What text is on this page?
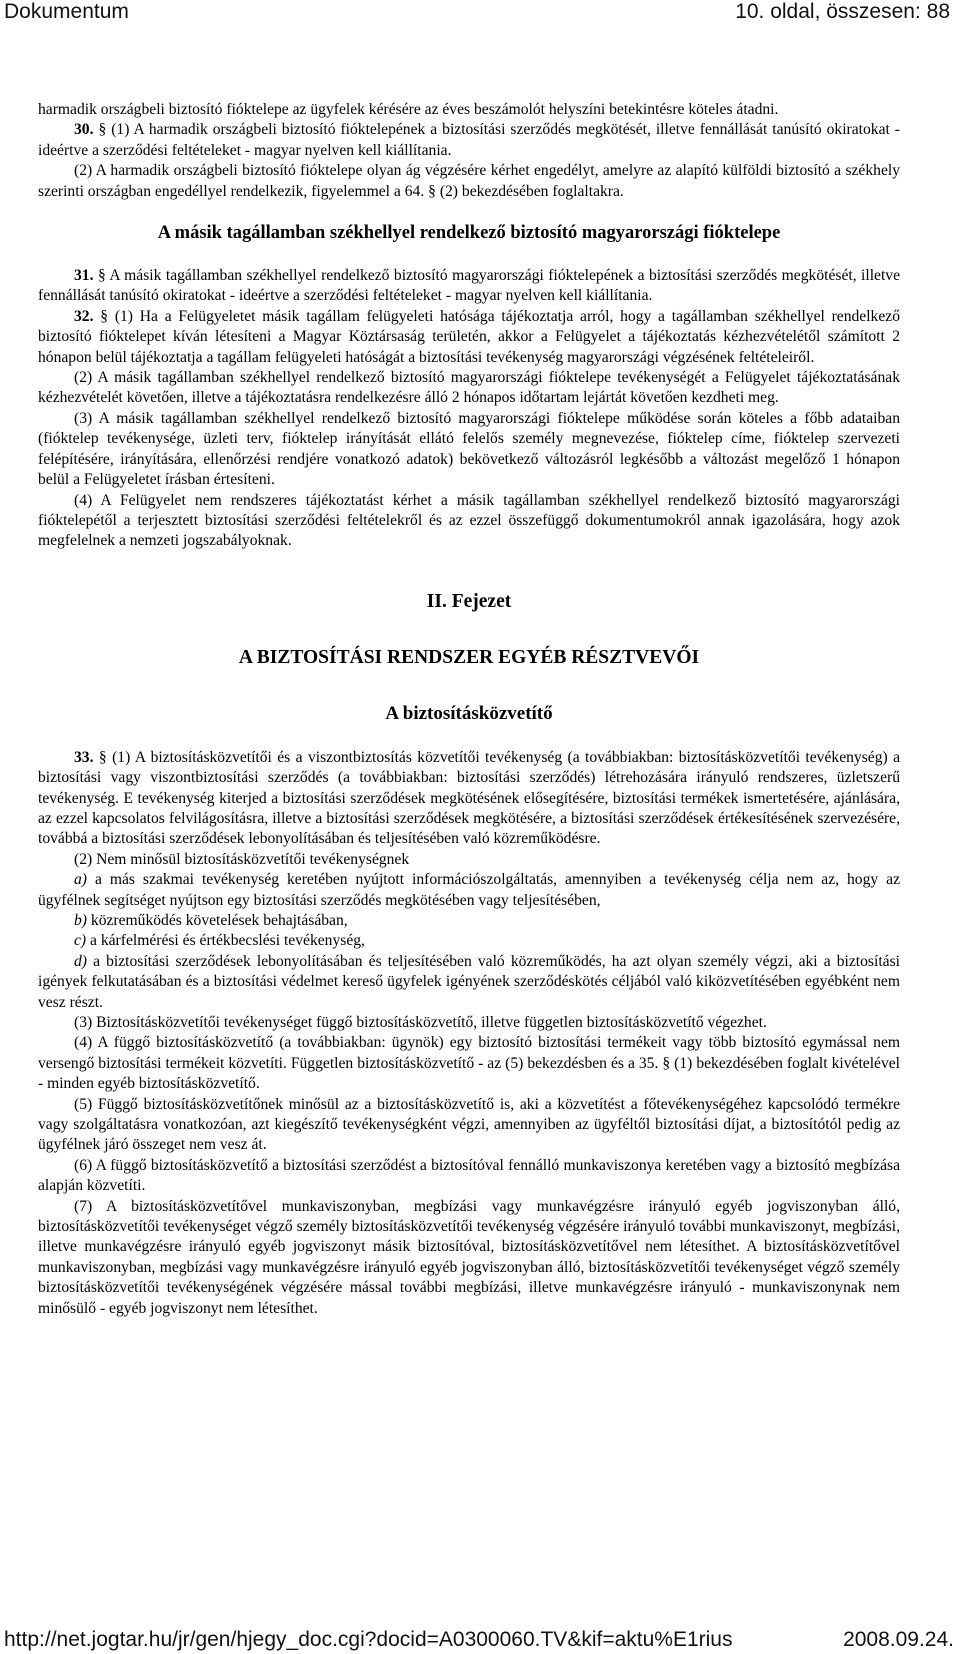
Dokumentum	10. oldal, összesen: 88

harmadik országbeli biztosító fióktelepe az ügyfelek kérésére az éves beszámolót helyszíni betekintésre köteles átadni.

30. § (1) A harmadik országbeli biztosító fióktelepének a biztosítási szerződés megkötését, illetve fennállását tanúsító okiratokat - ideértve a szerződési feltételeket - magyar nyelven kell kiállítania.

(2) A harmadik országbeli biztosító fióktelepe olyan ág végzésére kérhet engedélyt, amelyre az alapító külföldi biztosító a székhely szerinti országban engedéllyel rendelkezik, figyelemmel a 64. § (2) bekezdésében foglaltakra.

A másik tagállamban székhellyel rendelkező biztosító magyarországi fióktelepe

31. § A másik tagállamban székhellyel rendelkező biztosító magyarországi fióktelepének a biztosítási szerződés megkötését, illetve fennállását tanúsító okiratokat - ideértve a szerződési feltételeket - magyar nyelven kell kiállítania.

32. § (1) Ha a Felügyeletet másik tagállam felügyeleti hatósága tájékoztatja arról, hogy a tagállamban székhellyel rendelkező biztosító fióktelepet kíván létesíteni a Magyar Köztársaság területén, akkor a Felügyelet a tájékoztatás kézhezvételétől számított 2 hónapon belül tájékoztatja a tagállam felügyeleti hatóságát a biztosítási tevékenység magyarországi végzésének feltételeiről.

(2) A másik tagállamban székhellyel rendelkező biztosító magyarországi fióktelepe tevékenységét a Felügyelet tájékoztatásának kézhezvételét követően, illetve a tájékoztatásra rendelkezésre álló 2 hónapos időtartam lejártát követően kezdheti meg.

(3) A másik tagállamban székhellyel rendelkező biztosító magyarországi fióktelepe működése során köteles a főbb adataiban (fióktelep tevékenysége, üzleti terv, fióktelep irányítását ellátó felelős személy megnevezése, fióktelep címe, fióktelep szervezeti felépítésére, irányítására, ellenőrzési rendjére vonatkozó adatok) bekövetkező változásról legkésőbb a változást megelőző 1 hónapon belül a Felügyeletet írásban értesíteni.

(4) A Felügyelet nem rendszeres tájékoztatást kérhet a másik tagállamban székhellyel rendelkező biztosító magyarországi fióktelepétől a terjesztett biztosítási szerződési feltételekről és az ezzel összefüggő dokumentumokról annak igazolására, hogy azok megfelelnek a nemzeti jogszabályoknak.

II. Fejezet
A BIZTOSÍTÁSI RENDSZER EGYÉB RÉSZTVEVŐI
A biztosításközvetítő

33. § (1) A biztosításközvetítői és a viszontbiztosítás közvetítői tevékenység (a továbbiakban: biztosításközvetítői tevékenység) a biztosítási vagy viszontbiztosítási szerződés (a továbbiakban: biztosítási szerződés) létrehozására irányuló rendszeres, üzletszerű tevékenység. E tevékenység kiterjed a biztosítási szerződések megkötésének elősegítésére, biztosítási termékek ismertetésére, ajánlására, az ezzel kapcsolatos felvilágosításra, illetve a biztosítási szerződések megkötésére, a biztosítási szerződések értékesítésének szervezésére, továbbá a biztosítási szerződések lebonyolításában és teljesítésében való közreműködésre.

(2) Nem minősül biztosításközvetítői tevékenységnek

a) a más szakmai tevékenység keretében nyújtott információszolgáltatás, amennyiben a tevékenység célja nem az, hogy az ügyfélnek segítséget nyújtson egy biztosítási szerződés megkötésében vagy teljesítésében,

b) közreműködés követelések behajtásában,

c) a kárfelmérési és értékbecslési tevékenység,

d) a biztosítási szerződések lebonyolításában és teljesítésében való közreműködés, ha azt olyan személy végzi, aki a biztosítási igények felkutatásában és a biztosítási védelmet kereső ügyfelek igényének szerződéskötés céljából való kiközvetítésében egyébként nem vesz részt.

(3) Biztosításközvetítői tevékenységet függő biztosításközvetítő, illetve független biztosításközvetítő végezhet.

(4) A függő biztosításközvetítő (a továbbiakban: ügynök) egy biztosító biztosítási termékeit vagy több biztosító egymással nem versengő biztosítási termékeit közvetíti. Független biztosításközvetítő - az (5) bekezdésben és a 35. § (1) bekezdésében foglalt kivételével - minden egyéb biztosításközvetítő.

(5) Függő biztosításközvetítőnek minősül az a biztosításközvetítő is, aki a közvetítést a főtevékenységéhez kapcsolódó termékre vagy szolgáltatásra vonatkozóan, azt kiegészítő tevékenységként végzi, amennyiben az ügyféltől biztosítási díjat, a biztosítótól pedig az ügyfélnek járó összeget nem vesz át.

(6) A függő biztosításközvetítő a biztosítási szerződést a biztosítóval fennálló munkaviszonya keretében vagy a biztosító megbízása alapján közvetíti.

(7) A biztosításközvetítővel munkaviszonyban, megbízási vagy munkavégzésre irányuló egyéb jogviszonyban álló, biztosításközvetítői tevékenységet végző személy biztosításközvetítői tevékenység végzésére irányuló további munkaviszonyt, megbízási, illetve munkavégzésre irányuló egyéb jogviszonyt másik biztosítóval, biztosításközvetítővel nem létesíthet. A biztosításközvetítővel munkaviszonyban, megbízási vagy munkavégzésre irányuló egyéb jogviszonyban álló, biztosításközvetítői tevékenységet végző személy biztosításközvetítői tevékenységének végzésére mással további megbízási, illetve munkavégzésre irányuló - munkaviszonynak nem minősülő - egyéb jogviszonyt nem létesíthet.

http://net.jogtar.hu/jr/gen/hjegy_doc.cgi?docid=A0300060.TV&kif=aktu%E1rius	2008.09.24.
